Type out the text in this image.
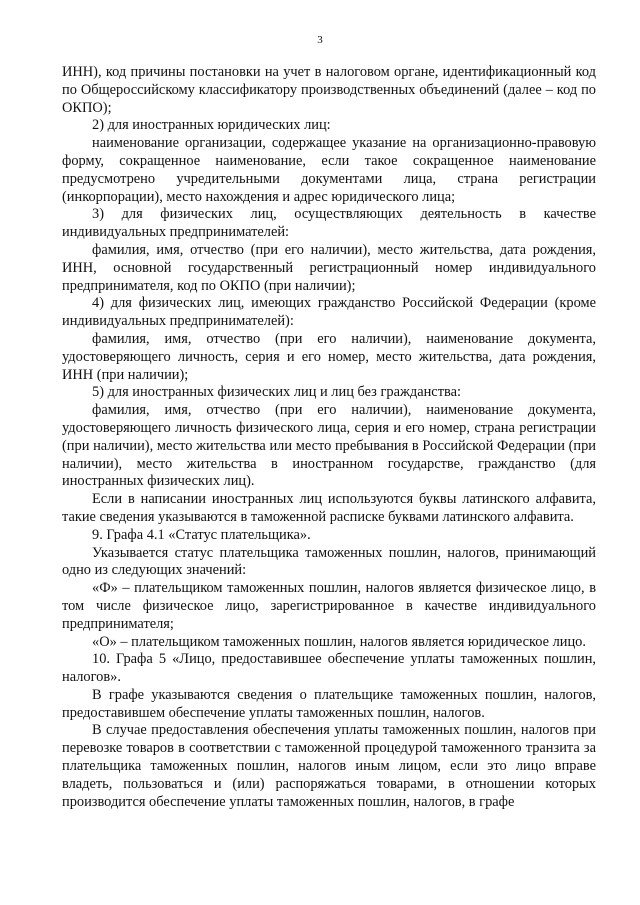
3

ИНН), код причины постановки на учет в налоговом органе, идентификационный код по Общероссийскому классификатору производственных объединений (далее – код по ОКПО);

2) для иностранных юридических лиц:

наименование организации, содержащее указание на организационно-правовую форму, сокращенное наименование, если такое сокращенное наименование предусмотрено учредительными документами лица, страна регистрации (инкорпорации), место нахождения и адрес юридического лица;

3) для физических лиц, осуществляющих деятельность в качестве индивидуальных предпринимателей:

фамилия, имя, отчество (при его наличии), место жительства, дата рождения, ИНН, основной государственный регистрационный номер индивидуального предпринимателя, код по ОКПО (при наличии);

4) для физических лиц, имеющих гражданство Российской Федерации (кроме индивидуальных предпринимателей):

фамилия, имя, отчество (при его наличии), наименование документа, удостоверяющего личность, серия и его номер, место жительства, дата рождения, ИНН (при наличии);

5) для иностранных физических лиц и лиц без гражданства:

фамилия, имя, отчество (при его наличии), наименование документа, удостоверяющего личность физического лица, серия и его номер, страна регистрации (при наличии), место жительства или место пребывания в Российской Федерации (при наличии), место жительства в иностранном государстве, гражданство (для иностранных физических лиц).

Если в написании иностранных лиц используются буквы латинского алфавита, такие сведения указываются в таможенной расписке буквами латинского алфавита.

9. Графа 4.1 «Статус плательщика».

Указывается статус плательщика таможенных пошлин, налогов, принимающий одно из следующих значений:

«Ф» – плательщиком таможенных пошлин, налогов является физическое лицо, в том числе физическое лицо, зарегистрированное в качестве индивидуального предпринимателя;

«О» – плательщиком таможенных пошлин, налогов является юридическое лицо.

10. Графа 5 «Лицо, предоставившее обеспечение уплаты таможенных пошлин, налогов».

В графе указываются сведения о плательщике таможенных пошлин, налогов, предоставившем обеспечение уплаты таможенных пошлин, налогов.

В случае предоставления обеспечения уплаты таможенных пошлин, налогов при перевозке товаров в соответствии с таможенной процедурой таможенного транзита за плательщика таможенных пошлин, налогов иным лицом, если это лицо вправе владеть, пользоваться и (или) распоряжаться товарами, в отношении которых производится обеспечение уплаты таможенных пошлин, налогов, в графе
